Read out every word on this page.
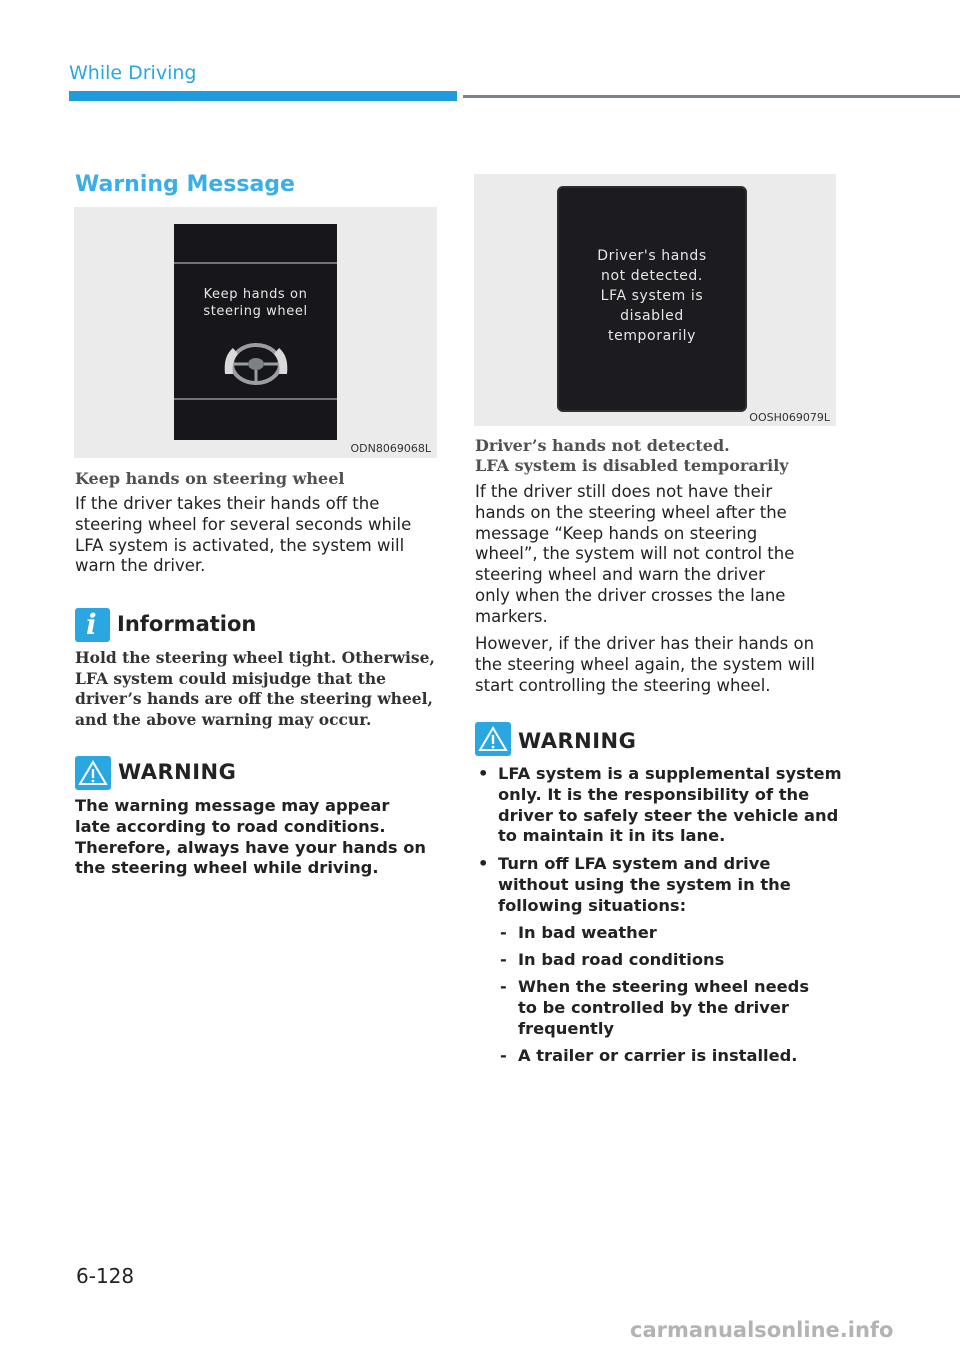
While Driving
Warning Message
Keep hands on
steering wheel
ODN8069068L
Keep hands on steering wheel
If the driver takes their hands off the
steering wheel for several seconds while
LFA system is activated, the system will
warn the driver.
i Information
Hold the steering wheel tight. Otherwise,
LFA system could misjudge that the
driver’s hands are off the steering wheel,
and the above warning may occur.
WARNING
The warning message may appear
late according to road conditions.
Therefore, always have your hands on
the steering wheel while driving.
Driver's hands
not detected.
LFA system is
disabled
temporarily
OOSH069079L
Driver’s hands not detected.
LFA system is disabled temporarily
If the driver still does not have their
hands on the steering wheel after the
message “Keep hands on steering
wheel”, the system will not control the
steering wheel and warn the driver
only when the driver crosses the lane
markers.
However, if the driver has their hands on
the steering wheel again, the system will
start controlling the steering wheel.
WARNING
• LFA system is a supplemental system
only. It is the responsibility of the
driver to safely steer the vehicle and
to maintain it in its lane.
• Turn off LFA system and drive
without using the system in the
following situations:
- In bad weather
- In bad road conditions
- When the steering wheel needs
to be controlled by the driver
frequently
- A trailer or carrier is installed.
6-128
carmanualsonline.info
